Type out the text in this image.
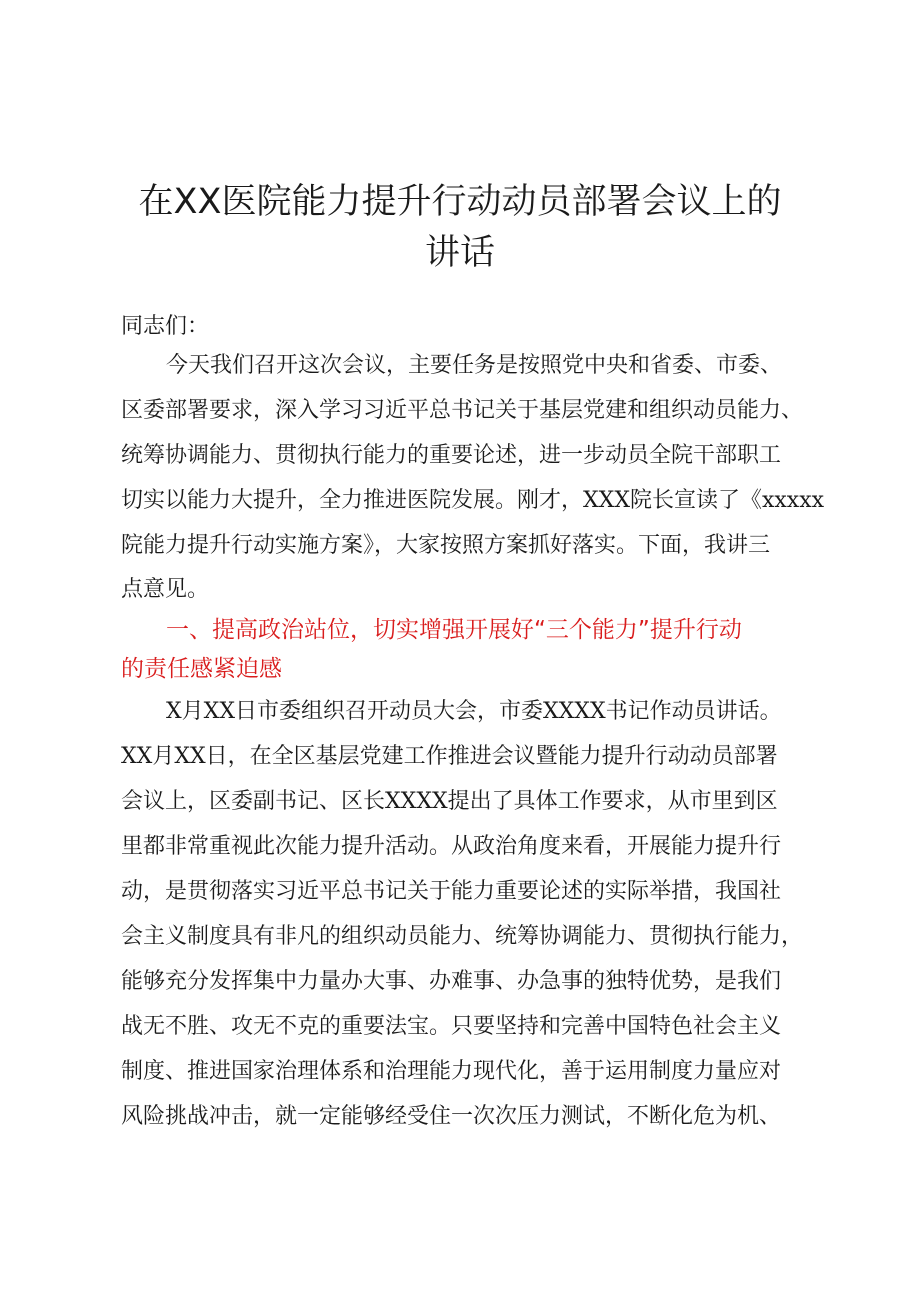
在XX医院能力提升行动动员部署会议上的
讲话
同志们：
今天我们召开这次会议，主要任务是按照党中央和省委、市委、
区委部署要求，深入学习习近平总书记关于基层党建和组织动员能力、
统筹协调能力、贯彻执行能力的重要论述，进一步动员全院干部职工
切实以能力大提升，全力推进医院发展。刚才，XXX院长宣读了《xxxxx
院能力提升行动实施方案》，大家按照方案抓好落实。下面，我讲三
点意见。
一、提高政治站位，切实增强开展好“三个能力”提升行动
的责任感紧迫感
X月XX日市委组织召开动员大会，市委XXXX书记作动员讲话。
XX月XX日，在全区基层党建工作推进会议暨能力提升行动动员部署
会议上，区委副书记、区长XXXX提出了具体工作要求，从市里到区
里都非常重视此次能力提升活动。从政治角度来看，开展能力提升行
动，是贯彻落实习近平总书记关于能力重要论述的实际举措，我国社
会主义制度具有非凡的组织动员能力、统筹协调能力、贯彻执行能力，
能够充分发挥集中力量办大事、办难事、办急事的独特优势，是我们
战无不胜、攻无不克的重要法宝。只要坚持和完善中国特色社会主义
制度、推进国家治理体系和治理能力现代化，善于运用制度力量应对
风险挑战冲击，就一定能够经受住一次次压力测试，不断化危为机、
